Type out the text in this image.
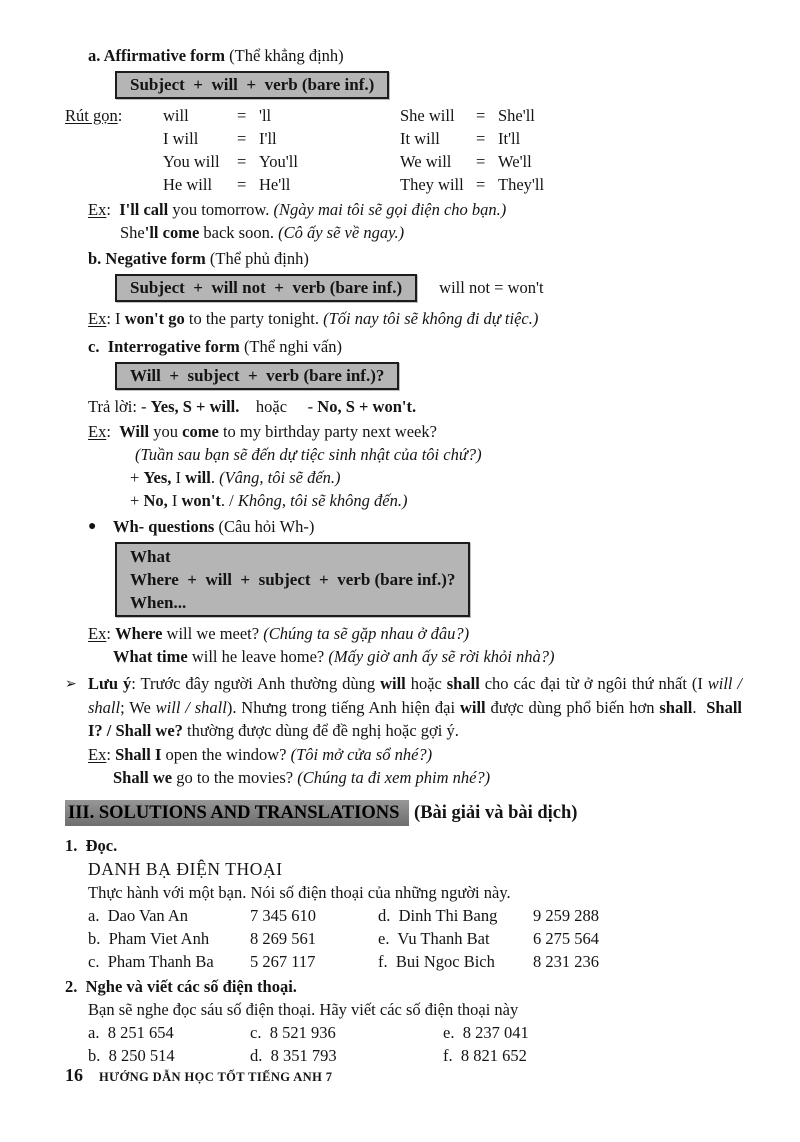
a. Affirmative form (Thể khẳng định)
Subject  +  will  +  verb (bare inf.)
Rút gọn:	will	= 'll	She will	= She'll
I will	= I'll	It will	= It'll
You will	= You'll	We will	= We'll
He will	= He'll	They will = They'll
Ex:  I'll call you tomorrow. (Ngày mai tôi sẽ gọi điện cho bạn.)
She'll come back soon. (Cô ấy sẽ về ngay.)
b. Negative form (Thể phủ định)
Subject  +  will not  +  verb (bare inf.)	will not = won't
Ex: I won't go to the party tonight. (Tối nay tôi sẽ không đi dự tiệc.)
c.  Interrogative form (Thể nghi vấn)
Will  +  subject  +  verb (bare inf.)?
Trả lời: - Yes, S + will.    hoặc     - No, S + won't.
Ex:  Will you come to my birthday party next week?
(Tuần sau bạn sẽ đến dự tiệc sinh nhật của tôi chứ?)
+ Yes, I will. (Vâng, tôi sẽ đến.)
+ No, I won't. / Không, tôi sẽ không đến.)
●	Wh- questions (Câu hỏi Wh-)
What
Where  +  will  +  subject  +  verb (bare inf.)?
When...
Ex: Where will we meet? (Chúng ta sẽ gặp nhau ở đâu?)
What time will he leave home? (Mấy giờ anh ấy sẽ rời khỏi nhà?)
➢ Lưu ý: Trước đây người Anh thường dùng will hoặc shall cho các đại từ ở ngôi thứ nhất (I will / shall; We will / shall). Nhưng trong tiếng Anh hiện đại will được dùng phổ biến hơn shall.  Shall I? / Shall we? thường được dùng để đề nghị hoặc gợi ý.
Ex: Shall I open the window? (Tôi mở cửa sổ nhé?)
Shall we go to the movies? (Chúng ta đi xem phim nhé?)
III. SOLUTIONS AND TRANSLATIONS (Bài giải và bài dịch)
1.  Đọc.
DANH BẠ ĐIỆN THOẠI
Thực hành với một bạn. Nói số điện thoại của những người này.
a.  Dao Van An	7 345 610	d.  Dinh Thi Bang	9 259 288
b.  Pham Viet Anh	8 269 561	e.  Vu Thanh Bat	6 275 564
c.  Pham Thanh Ba	5 267 117	f.  Bui Ngoc Bich	8 231 236
2.  Nghe và viết các số điện thoại.
Bạn sẽ nghe đọc sáu số điện thoại. Hãy viết các số điện thoại này
a.  8 251 654	c.  8 521 936	e.  8 237 041
b.  8 250 514	d.  8 351 793	f.  8 821 652
16 HƯỚNG DẪN HỌC TỐT TIẾNG ANH 7
